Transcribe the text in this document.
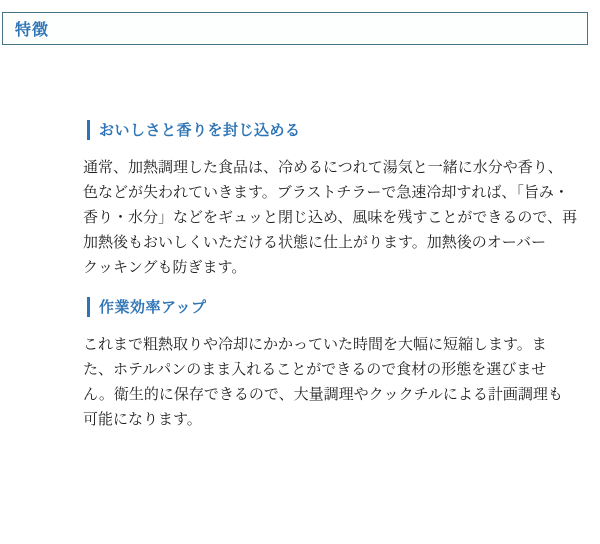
特徴
おいしさと香りを封じ込める
通常、加熱調理した食品は、冷めるにつれて湯気と一緒に水分や香り、
色などが失われていきます。ブラストチラーで急速冷却すれば、「旨み・
香り・水分」などをギュッと閉じ込め、風味を残すことができるので、再
加熱後もおいしくいただける状態に仕上がります。加熱後のオーバー
クッキングも防ぎます。
作業効率アップ
これまで粗熱取りや冷却にかかっていた時間を大幅に短縮します。ま
た、ホテルパンのまま入れることができるので食材の形態を選びませ
ん。衛生的に保存できるので、大量調理やクックチルによる計画調理も
可能になります。
